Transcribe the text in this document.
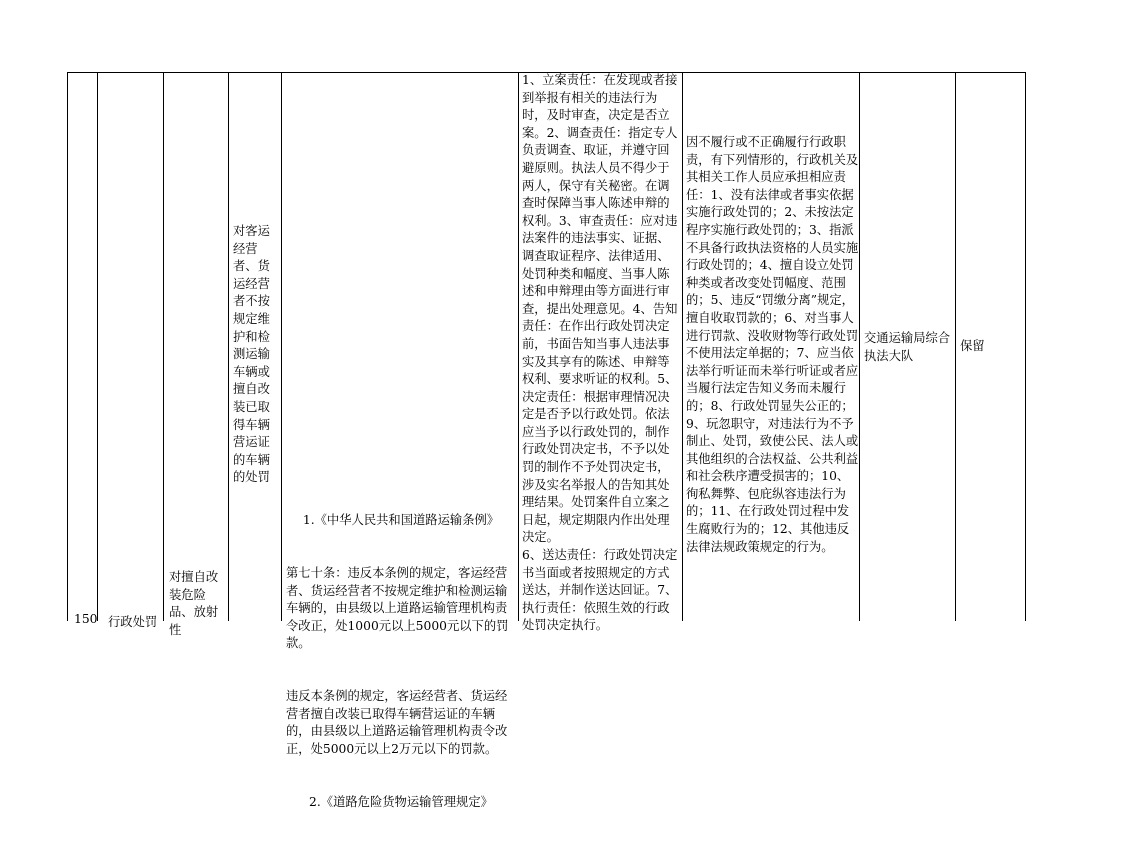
150 行政处罚
对擅自改装危险品、放射性
对客运经营者、货运经营者不按规定维护和检测运输车辆或擅自改装已取得车辆营运证的车辆的处罚

1.《中华人民共和国道路运输条例》

第七十条：违反本条例的规定，客运经营者、货运经营者不按规定维护和检测运输车辆的，由县级以上道路运输管理机构责令改正，处1000元以上5000元以下的罚款。

违反本条例的规定，客运经营者、货运经营者擅自改装已取得车辆营运证的车辆的，由县级以上道路运输管理机构责令改正，处5000元以上2万元以下的罚款。

2.《道路危险货物运输管理规定》

1、立案责任：在发现或者接到举报有相关的违法行为时，及时审查，决定是否立案。2、调查责任：指定专人负责调查、取证，并遵守回避原则。执法人员不得少于两人，保守有关秘密。在调查时保障当事人陈述申辩的权利。3、审查责任：应对违法案件的违法事实、证据、调查取证程序、法律适用、处罚种类和幅度、当事人陈述和申辩理由等方面进行审查，提出处理意见。4、告知责任：在作出行政处罚决定前，书面告知当事人违法事实及其享有的陈述、申辩等权利、要求听证的权利。5、决定责任：根据审理情况决定是否予以行政处罚。依法应当予以行政处罚的，制作行政处罚决定书，不予以处罚的制作不予处罚决定书，涉及实名举报人的告知其处理结果。处罚案件自立案之日起，规定期限内作出处理决定。
6、送达责任：行政处罚决定书当面或者按照规定的方式送达，并制作送达回证。7、执行责任：依照生效的行政处罚决定执行。
因不履行或不正确履行行政职责，有下列情形的，行政机关及其相关工作人员应承担相应责任：1、没有法律或者事实依据实施行政处罚的；2、未按法定程序实施行政处罚的；3、指派不具备行政执法资格的人员实施行政处罚的；4、擅自设立处罚种类或者改变处罚幅度、范围的；5、违反“罚缴分离”规定，擅自收取罚款的；6、对当事人进行罚款、没收财物等行政处罚不使用法定单据的；7、应当依法举行听证而未举行听证或者应当履行法定告知义务而未履行的；8、行政处罚显失公正的；9、玩忽职守，对违法行为不予制止、处罚，致使公民、法人或其他组织的合法权益、公共利益和社会秩序遭受损害的；10、徇私舞弊、包庇纵容违法行为的；11、在行政处罚过程中发生腐败行为的；12、其他违反法律法规政策规定的行为。
交通运输局综合执法大队
保留
